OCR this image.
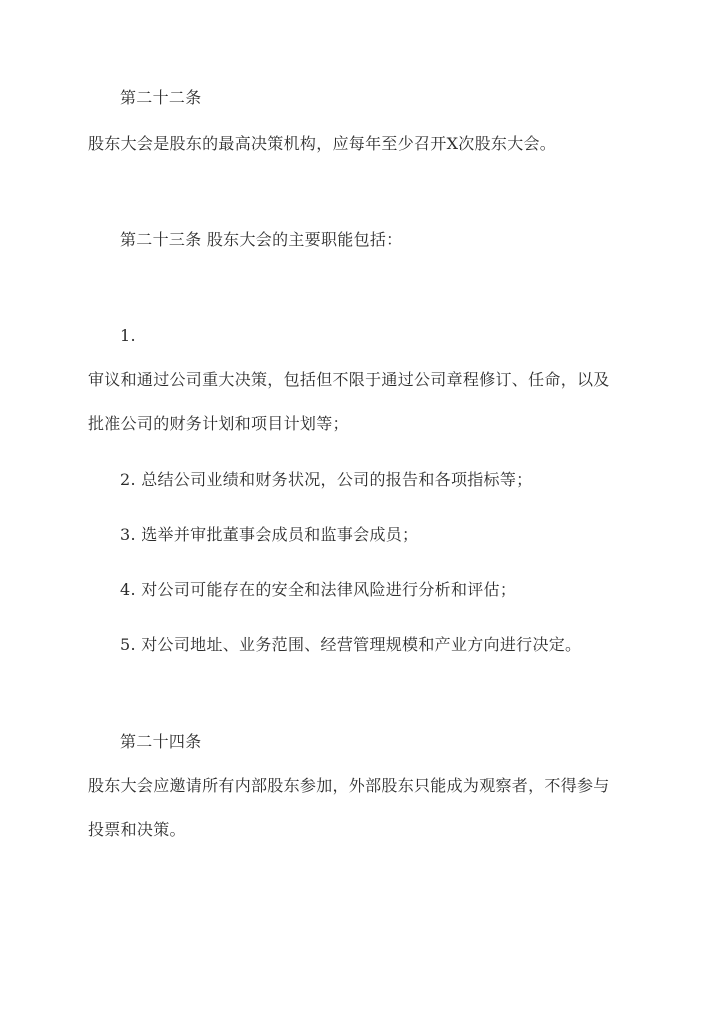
第二十二条
股东大会是股东的最高决策机构，应每年至少召开X次股东大会。
第二十三条 股东大会的主要职能包括：
1.
审议和通过公司重大决策，包括但不限于通过公司章程修订、任命，以及
批准公司的财务计划和项目计划等；
2. 总结公司业绩和财务状况，公司的报告和各项指标等；
3. 选举并审批董事会成员和监事会成员；
4. 对公司可能存在的安全和法律风险进行分析和评估；
5. 对公司地址、业务范围、经营管理规模和产业方向进行决定。
第二十四条
股东大会应邀请所有内部股东参加，外部股东只能成为观察者，不得参与
投票和决策。
